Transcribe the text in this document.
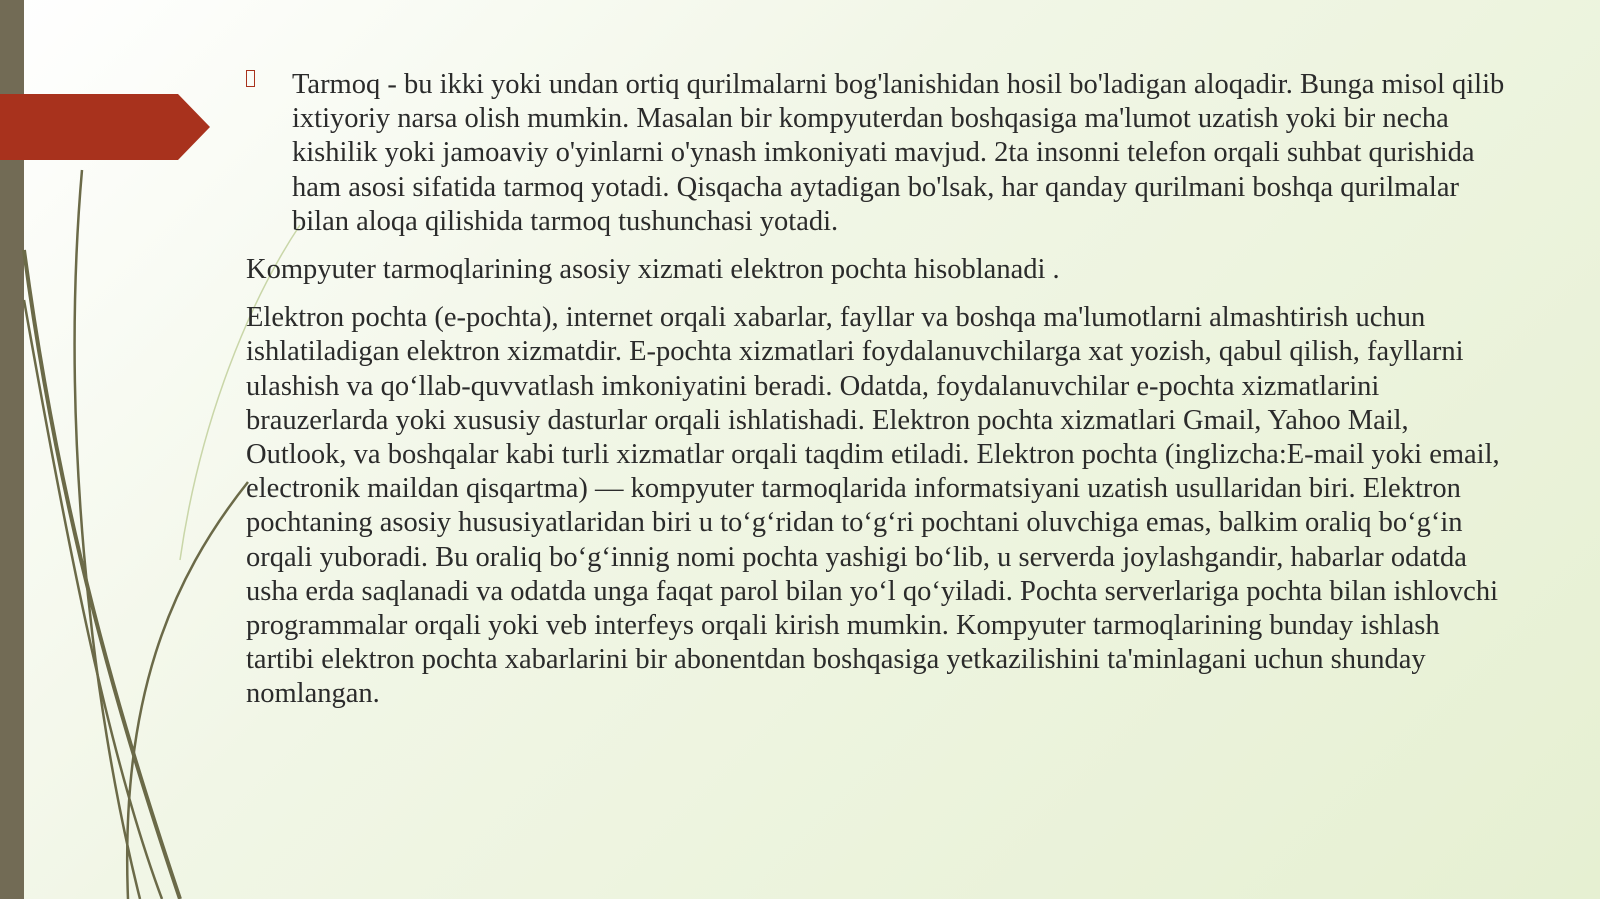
Tarmoq - bu ikki yoki undan ortiq qurilmalarni bog'lanishidan hosil bo'ladigan aloqadir. Bunga misol qilib ixtiyoriy narsa olish mumkin. Masalan bir kompyuterdan boshqasiga ma'lumot uzatish yoki bir necha kishilik yoki jamoaviy o'yinlarni o'ynash imkoniyati mavjud. 2ta insonni telefon orqali suhbat qurishida ham asosi sifatida tarmoq yotadi. Qisqacha aytadigan bo'lsak, har qanday qurilmani boshqa qurilmalar bilan aloqa qilishida tarmoq tushunchasi yotadi.

Kompyuter tarmoqlarining asosiy xizmati elektron pochta hisoblanadi .

Elektron pochta (e-pochta), internet orqali xabarlar, fayllar va boshqa ma'lumotlarni almashtirish uchun ishlatiladigan elektron xizmatdir. E-pochta xizmatlari foydalanuvchilarga xat yozish, qabul qilish, fayllarni ulashish va qo‘llab-quvvatlash imkoniyatini beradi. Odatda, foydalanuvchilar e-pochta xizmatlarini brauzerlarda yoki xususiy dasturlar orqali ishlatishadi. Elektron pochta xizmatlari Gmail, Yahoo Mail, Outlook, va boshqalar kabi turli xizmatlar orqali taqdim etiladi. Elektron pochta (inglizcha:E-mail yoki email, electronik maildan qisqartma) — kompyuter tarmoqlarida informatsiyani uzatish usullaridan biri. Elektron pochtaning asosiy hususiyatlaridan biri u to‘g‘ridan to‘g‘ri pochtani oluvchiga emas, balkim oraliq bo‘g‘in orqali yuboradi. Bu oraliq bo‘g‘innig nomi pochta yashigi bo‘lib, u serverda joylashgandir, habarlar odatda usha erda saqlanadi va odatda unga faqat parol bilan yo‘l qo‘yiladi. Pochta serverlariga pochta bilan ishlovchi programmalar orqali yoki veb interfeys orqali kirish mumkin. Kompyuter tarmoqlarining bunday ishlash tartibi elektron pochta xabarlarini bir abonentdan boshqasiga yetkazilishini ta'minlagani uchun shunday nomlangan.
